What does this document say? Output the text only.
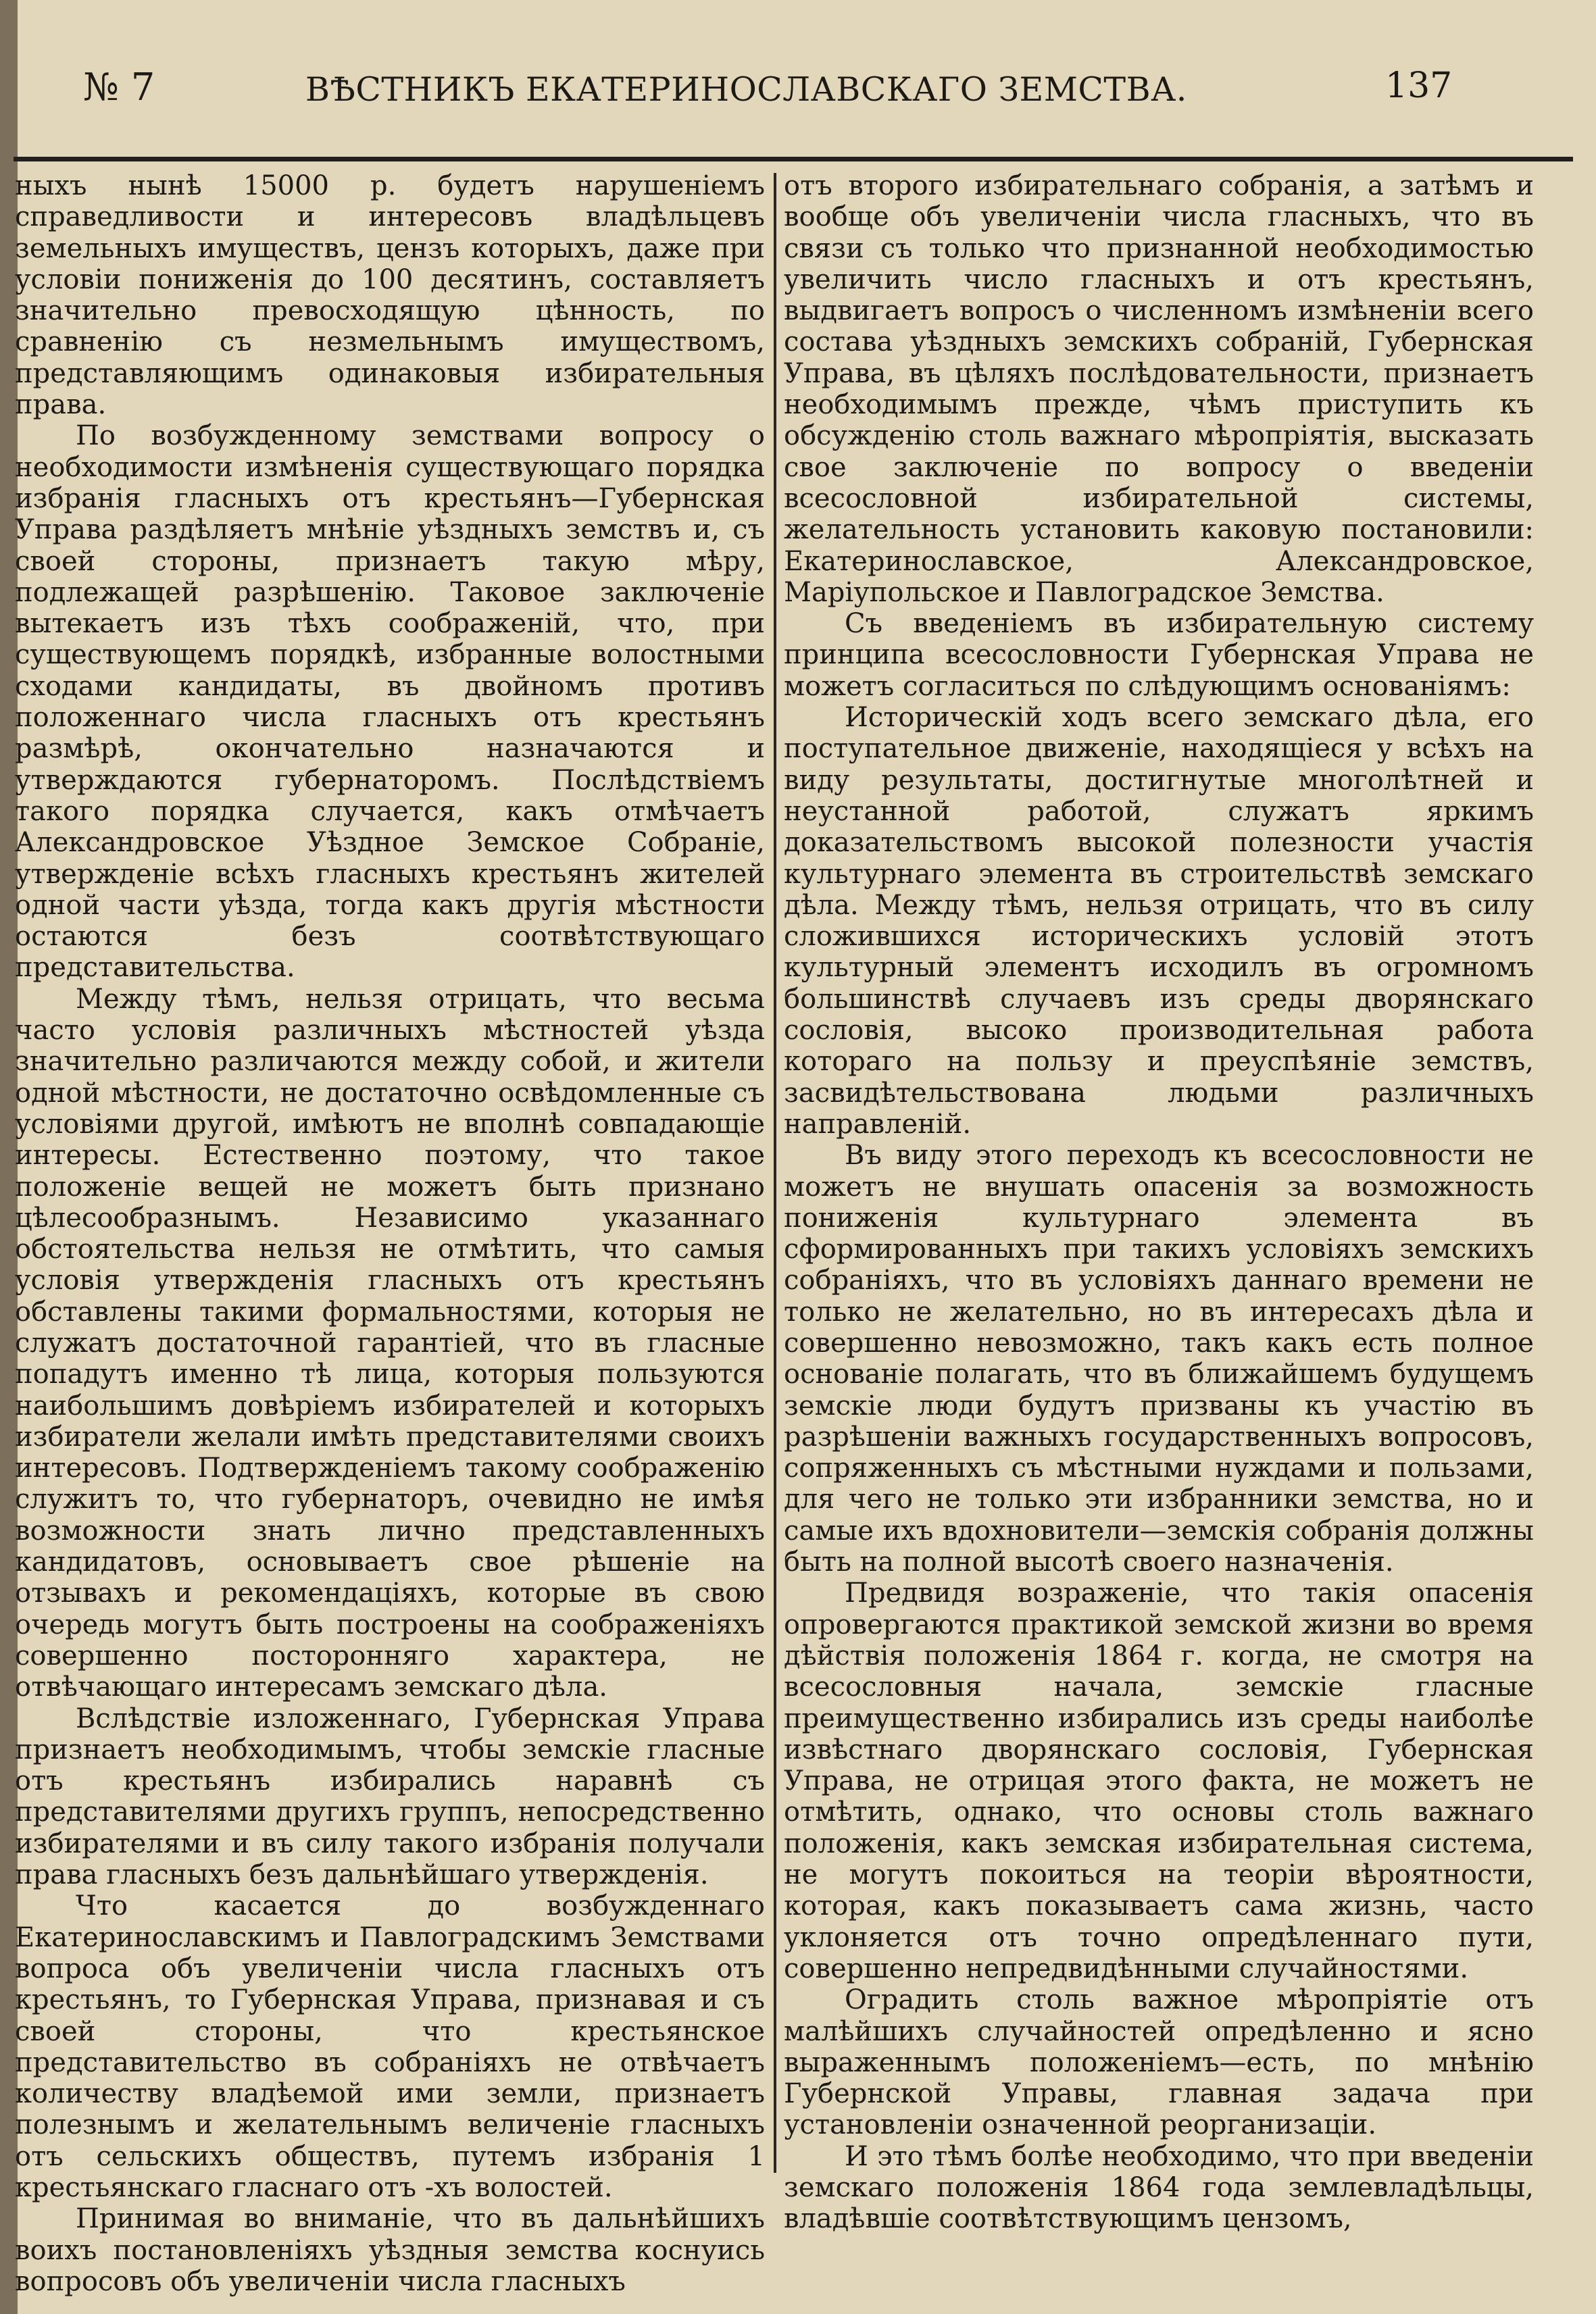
№ 7	ВѢСТНИКЪ ЕКАТЕРИНОСЛАВСКАГО ЗЕМСТВА.	137

ныхъ нынѣ 15000 р. будетъ нарушеніемъ справедливости и интересовъ владѣльцевъ земельныхъ имуществъ, цензъ которыхъ, даже при условіи пониженія до 100 десятинъ, составляетъ значительно превосходящую цѣнность, по сравненію съ незмельнымъ имуществомъ, представляющимъ одинаковыя избирательныя права.

По возбужденному земствами вопросу о необходимости измѣненія существующаго порядка избранія гласныхъ отъ крестьянъ—Губернская Управа раздѣляетъ мнѣніе уѣздныхъ земствъ и, съ своей стороны, признаетъ такую мѣру, подлежащей разрѣшенію. Таковое заключеніе вытекаетъ изъ тѣхъ соображеній, что, при существующемъ порядкѣ, избранные волостными сходами кандидаты, въ двойномъ противъ положеннаго числа гласныхъ отъ крестьянъ размѣрѣ, окончательно назначаются и утверждаются губернаторомъ. Послѣдствіемъ такого порядка случается, какъ отмѣчаетъ Александровское Уѣздное Земское Собраніе, утвержденіе всѣхъ гласныхъ крестьянъ жителей одной части уѣзда, тогда какъ другія мѣстности остаются безъ соотвѣтствующаго представительства.

Между тѣмъ, нельзя отрицать, что весьма часто условія различныхъ мѣстностей уѣзда значительно различаются между собой, и жители одной мѣстности, не достаточно освѣдомленные съ условіями другой, имѣютъ не вполнѣ совпадающіе интересы. Естественно поэтому, что такое положеніе вещей не можетъ быть признано цѣлесообразнымъ. Независимо указаннаго обстоятельства нельзя не отмѣтить, что самыя условія утвержденія гласныхъ отъ крестьянъ обставлены такими формальностями, которыя не служатъ достаточной гарантіей, что въ гласные попадутъ именно тѣ лица, которыя пользуются наибольшимъ довѣріемъ избирателей и которыхъ избиратели желали имѣть представителями своихъ интересовъ. Подтвержденіемъ такому соображенію служитъ то, что губернаторъ, очевидно не имѣя возможности знать лично представленныхъ кандидатовъ, основываетъ свое рѣшеніе на отзывахъ и рекомендаціяхъ, которые въ свою очередь могутъ быть построены на соображеніяхъ совершенно посторонняго характера, не отвѣчающаго интересамъ земскаго дѣла.

Вслѣдствіе изложеннаго, Губернская Управа признаетъ необходимымъ, чтобы земскіе гласные отъ крестьянъ избирались наравнѣ съ представителями другихъ группъ, непосредственно избирателями и въ силу такого избранія получали права гласныхъ безъ дальнѣйшаго утвержденія.

Что касается до возбужденнаго Екатеринославскимъ и Павлоградскимъ Земствами вопроса объ увеличеніи числа гласныхъ отъ крестьянъ, то Губернская Управа, признавая и съ своей стороны, что крестьянское представительство въ собраніяхъ не отвѣчаетъ количеству владѣемой ими земли, признаетъ полезнымъ и желательнымъ величеніе гласныхъ отъ сельскихъ обществъ, путемъ избранія 1 крестьянскаго гласнаго отъ -хъ волостей.

Принимая во вниманіе, что въ дальнѣйшихъ воихъ постановленіяхъ уѣздныя земства коснуись вопросовъ объ увеличеніи числа гласныхъ

отъ второго избирательнаго собранія, а затѣмъ и вообще объ увеличеніи числа гласныхъ, что въ связи съ только что признанной необходимостью увеличить число гласныхъ и отъ крестьянъ, выдвигаетъ вопросъ о численномъ измѣненіи всего состава уѣздныхъ земскихъ собраній, Губернская Управа, въ цѣляхъ послѣдовательности, признаетъ необходимымъ прежде, чѣмъ приступить къ обсужденію столь важнаго мѣропріятія, высказать свое заключеніе по вопросу о введеніи всесословной избирательной системы, желательность установить каковую постановили: Екатеринославское, Александровское, Маріупольское и Павлоградское Земства.

Съ введеніемъ въ избирательную систему принципа всесословности Губернская Управа не можетъ согласиться по слѣдующимъ основаніямъ:

Историческій ходъ всего земскаго дѣла, его поступательное движеніе, находящіеся у всѣхъ на виду результаты, достигнутые многолѣтней и неустанной работой, служатъ яркимъ доказательствомъ высокой полезности участія культурнаго элемента въ строительствѣ земскаго дѣла. Между тѣмъ, нельзя отрицать, что въ силу сложившихся историческихъ условій этотъ культурный элементъ исходилъ въ огромномъ большинствѣ случаевъ изъ среды дворянскаго сословія, высоко производительная работа котораго на пользу и преуспѣяніе земствъ, засвидѣтельствована людьми различныхъ направленій.

Въ виду этого переходъ къ всесословности не можетъ не внушать опасенія за возможность пониженія культурнаго элемента въ сформированныхъ при такихъ условіяхъ земскихъ собраніяхъ, что въ условіяхъ даннаго времени не только не желательно, но въ интересахъ дѣла и совершенно невозможно, такъ какъ есть полное основаніе полагать, что въ ближайшемъ будущемъ земскіе люди будутъ призваны къ участію въ разрѣшеніи важныхъ государственныхъ вопросовъ, сопряженныхъ съ мѣстными нуждами и пользами, для чего не только эти избранники земства, но и самые ихъ вдохновители—земскія собранія должны быть на полной высотѣ своего назначенія.

Предвидя возраженіе, что такія опасенія опровергаются практикой земской жизни во время дѣйствія положенія 1864 г. когда, не смотря на всесословныя начала, земскіе гласные преимущественно избирались изъ среды наиболѣе извѣстнаго дворянскаго сословія, Губернская Управа, не отрицая этого факта, не можетъ не отмѣтить, однако, что основы столь важнаго положенія, какъ земская избирательная система, не могутъ покоиться на теоріи вѣроятности, которая, какъ показываетъ сама жизнь, часто уклоняется отъ точно опредѣленнаго пути, совершенно непредвидѣнными случайностями.

Оградить столь важное мѣропріятіе отъ малѣйшихъ случайностей опредѣленно и ясно выраженнымъ положеніемъ—есть, по мнѣнію Губернской Управы, главная задача при установленіи означенной реорганизаціи.

И это тѣмъ болѣе необходимо, что при введеніи земскаго положенія 1864 года землевладѣльцы, владѣвшіе соотвѣтствующимъ цензомъ,
